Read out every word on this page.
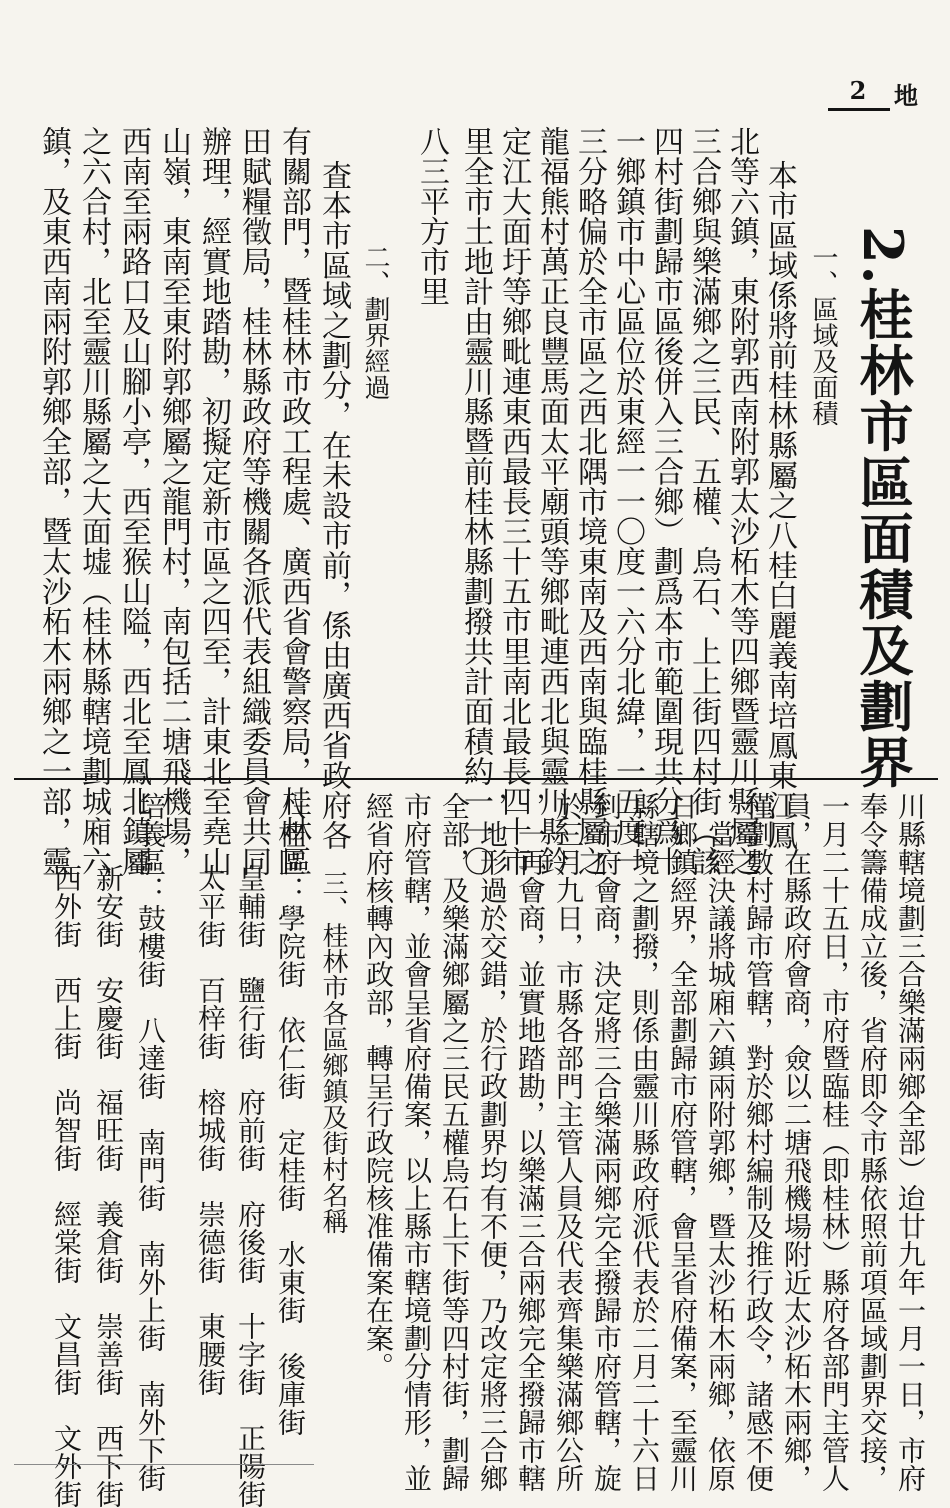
2	地
2.桂林市區面積及劃界
一、區域及面積
本市區域係將前桂林縣屬之八桂白麗義南培鳳東江鳳
北等六鎮，東附郭西南附郭太沙柘木等四鄉暨靈川縣屬之
三合鄉與樂滿鄉之三民、五權、烏石、上上街四村街（該
四村街劃歸市區後併入三合鄉）劃爲本市範圍現共分爲十
一鄉鎮市中心區位於東經一一〇度一六分北緯，一五度一
三分略偏於全市區之西北隅市境東南及西南與臨桂縣屬之
龍福熊村萬正良豐馬面太平廟頭等鄉毗連西北與靈川縣鈴
定江大面圩等鄉毗連東西最長三十五市里南北最長四十市
里全市土地計由靈川縣暨前桂林縣劃撥共計面積約一一〇
八三平方市里
二、劃界經過
査本市區域之劃分，在未設市前，係由廣西省政府各
有關部門，暨桂林市政工程處、廣西省會警察局，桂林區
田賦糧徵局，桂林縣政府等機關各派代表組織委員會共同
辦理，經實地踏勘，初擬定新市區之四至，計東北至堯山
山嶺，東南至東附郭鄉屬之龍門村，南包括二塘飛機場，
西南至兩路口及山腳小亭，西至猴山隘，西北至鳳北鎮屬
之六合村，北至靈川縣屬之大面墟（桂林縣轄境劃城廂六
鎮，及東西南兩附郭鄉全部，暨太沙柘木兩鄉之一部，靈
川縣轄境劃三合樂滿兩鄉全部）迨廿九年一月一日，市府
奉令籌備成立後，省府即令市縣依照前項區域劃界交接，
一月二十五日，市府暨臨桂（即桂林）縣府各部門主管人
員，在縣政府會商，僉以二塘飛機場附近太沙柘木兩鄉，
僅劃數村歸市管轄，對於鄉村編制及推行政令，諸感不便
，當經決議將城廂六鎮兩附郭鄉，暨太沙柘木兩鄉，依原
日鄉鎮經界，全部劃歸市府管轄，會呈省府備案，至靈川
縣轄境之劃撥，則係由靈川縣政府派代表於二月二十六日
到市府會商，決定將三合樂滿兩鄉完全撥歸市府管轄，旋
於三月九日，市縣各部門主管人員及代表齊集樂滿鄉公所
，一再會商，並實地踏勘，以樂滿三合兩鄉完全撥歸市轄
，地形過於交錯，於行政劃界均有不便，乃改定將三合鄉
全部，及樂滿鄉屬之三民五權烏石上下街等四村街，劃歸
市府管轄，並會呈省府備案，以上縣市轄境劃分情形，並
經省府核轉內政部，轉呈行政院核准備案在案。
三、桂林市各區鄉鎮及街村名稱
八桂區：學院街　依仁街　定桂街　水東街　後庫街
皇輔街　鹽行街　府前街　府後街　十字街　正陽街
太平街　百梓街　榕城街　崇德街　東腰街
培義區：鼓樓街　八達街　南門街　南外上街　南外下街
新安街　安慶街　福旺街　義倉街　崇善街　西下街
西外街　西上街　尚智街　經棠街　文昌街　文外街
